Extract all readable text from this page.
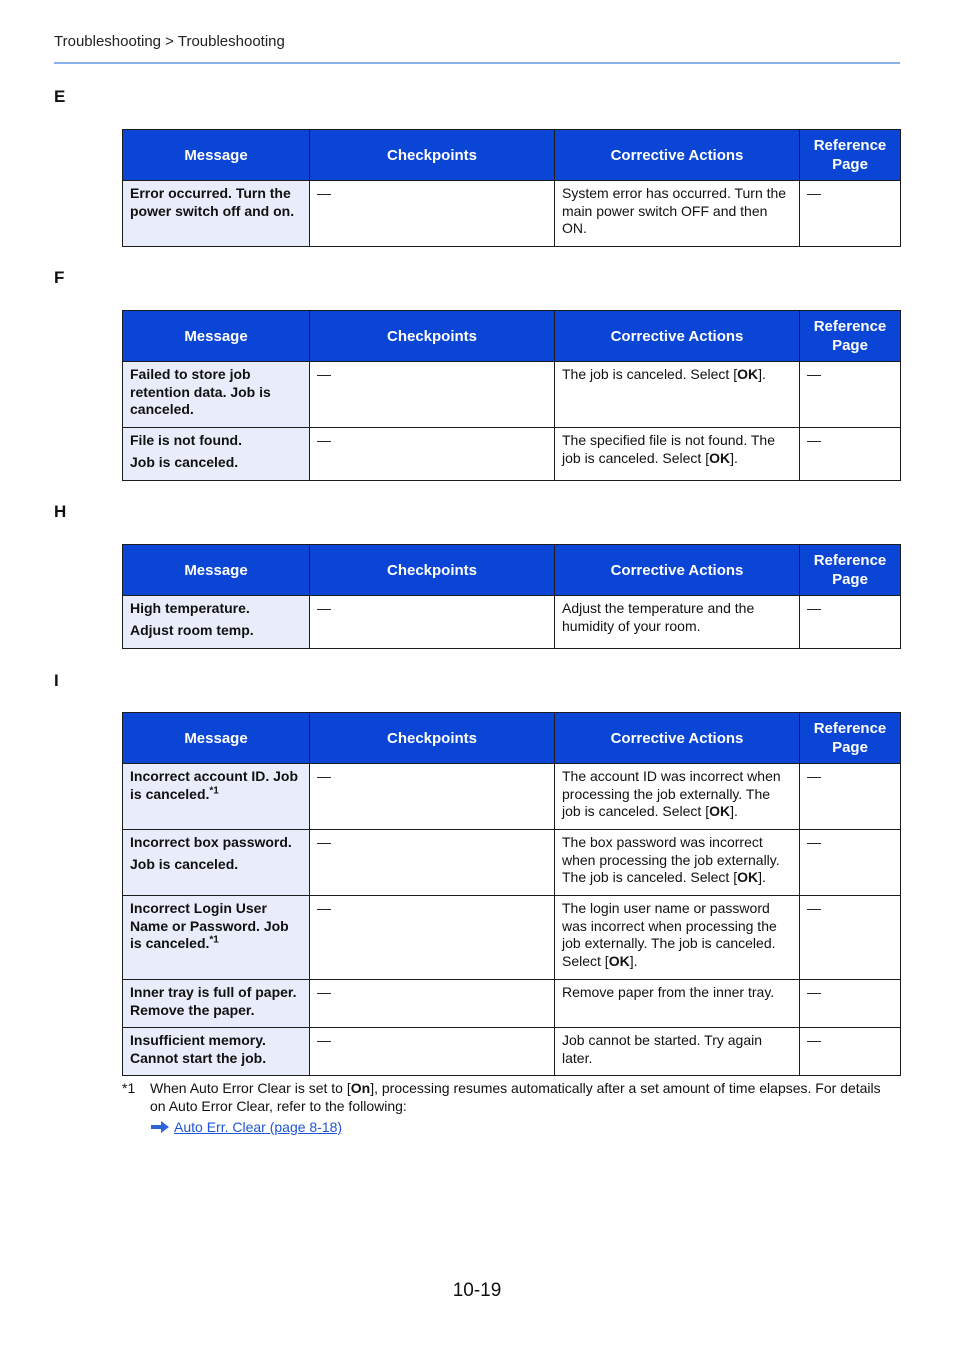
Troubleshooting > Troubleshooting
E
Message	Checkpoints	Corrective Actions	Reference
Page
Error occurred. Turn the power switch off and on.	—	System error has occurred. Turn the main power switch OFF and then ON.	—
F
Message	Checkpoints	Corrective Actions	Reference
Page
Failed to store job retention data. Job is canceled.	—	The job is canceled. Select [OK].	—

File is not found.
Job is canceled.	—	The specified file is not found. The job is canceled. Select [OK].	—
H
Message	Checkpoints	Corrective Actions	Reference
Page

High temperature.
Adjust room temp.	—	Adjust the temperature and the humidity of your room.	—
I
Message	Checkpoints	Corrective Actions	Reference
Page
Incorrect account ID. Job is canceled.$^{*1}$	—	The account ID was incorrect when processing the job externally. The job is canceled. Select [OK].	—

Incorrect box password.
Job is canceled.	—	The box password was incorrect when processing the job externally. The job is canceled. Select [OK].	—
Incorrect Login User Name or Password. Job is canceled.$^{*1}$	—	The login user name or password was incorrect when processing the job externally. The job is canceled. Select [OK].	—
Inner tray is full of paper. Remove the paper.	—	Remove paper from the inner tray.	—
Insufficient memory. Cannot start the job.	—	Job cannot be started. Try again later.	—
*1 When Auto Error Clear is set to [On], processing resumes automatically after a set amount of time elapses. For details on Auto Error Clear, refer to the following:
Auto Err. Clear (page 8-18)
10-19
